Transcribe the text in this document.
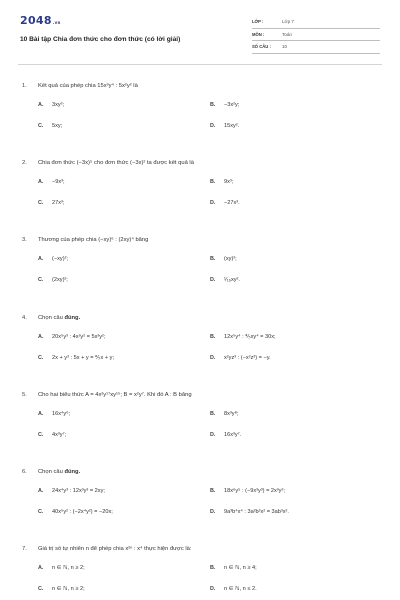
2048.vn
10 Bài tập Chia đơn thức cho đơn thức (có lời giải)
LỚP :	Lớp 7
MÔN :	Toán
SỐ CÂU :	10
1.	Kết quả của phép chia 15x³y⁴ : 5x²y² là
A.	3xy²;	B.	−3x²y;
C.	5xy;	D.	15xy².
2.	Chia đơn thức (−3x)⁵ cho đơn thức (−3x)² ta được kết quả là
A.	−9x³;	B.	9x³;
C.	27x³;	D.	−27x³.
3.	Thương của phép chia (−xy)⁶ : (2xy)⁴ bằng
A.	(−xy)²;	B.	(xy)²;
C.	(2xy)²;	D.	¹⁄₁₆xy².
4.	Chọn câu đúng.
A.	20x⁵y³ : 4x²y² = 5x³y²;	B.	12x⁵y⁴ : ⅖xy⁴ = 30x;
C.	2x + y³ : 5x + y = ⅖x + y;	D.	x²yz³ : (−x²z³) = −y.
5.	Cho hai biểu thức A = 4x²y¹⁷xy¹⁵; B = x²y⁷. Khi đó A : B bằng
A.	16x⁴y⁶;	B.	8x³y⁸;
C.	4x³y⁷;	D.	16x³y⁷.
6.	Chọn câu đúng.
A.	24x⁴y³ : 12x³y³ = 2xy;	B.	18x⁶y⁵ : (−9x³y³) = 2x³y²;
C.	40x⁵y² : (−2x⁴y²) = −20x;	D.	9a³b⁴x⁴ : 3a²b²x² = 3ab³x².
7.	Giá trị số tự nhiên n để phép chia x²ⁿ : x⁴ thực hiện được là:
A.	n ∈ ℕ, n ≥ 2;	B.	n ∈ ℕ, n ≥ 4;
C.	n ∈ ℕ, n ≥ 2;	D.	n ∈ ℕ, n ≤ 2.
